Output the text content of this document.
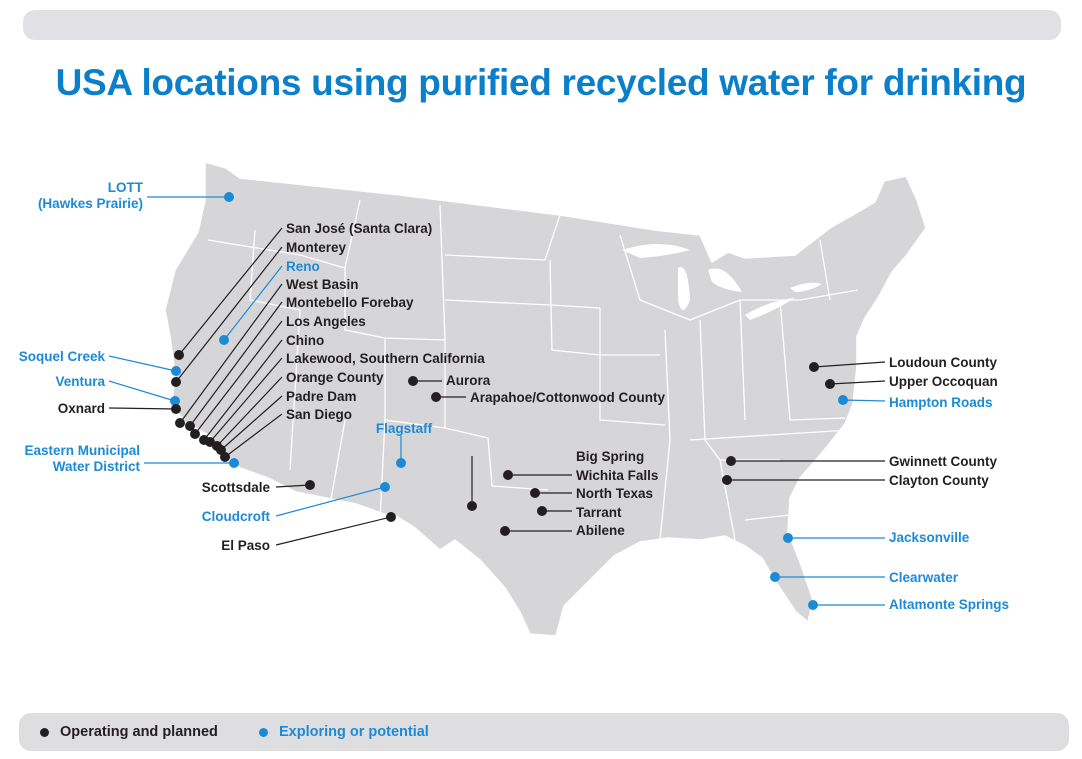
USA locations using purified recycled water for drinking
LOTT (Hawkes Prairie)
San José (Santa Clara)
Monterey
Reno
West Basin
Montebello Forebay
Los Angeles
Chino
Lakewood, Southern California
Orange County
Padre Dam
San Diego
Soquel Creek
Ventura
Oxnard
Eastern Municipal Water District
Scottsdale
Cloudcroft
El Paso
Flagstaff
Aurora
Arapahoe/Cottonwood County
Big Spring
Wichita Falls
North Texas
Tarrant
Abilene
Loudoun County
Upper Occoquan
Hampton Roads
Gwinnett County
Clayton County
Jacksonville
Clearwater
Altamonte Springs
Operating and planned	Exploring or potential
